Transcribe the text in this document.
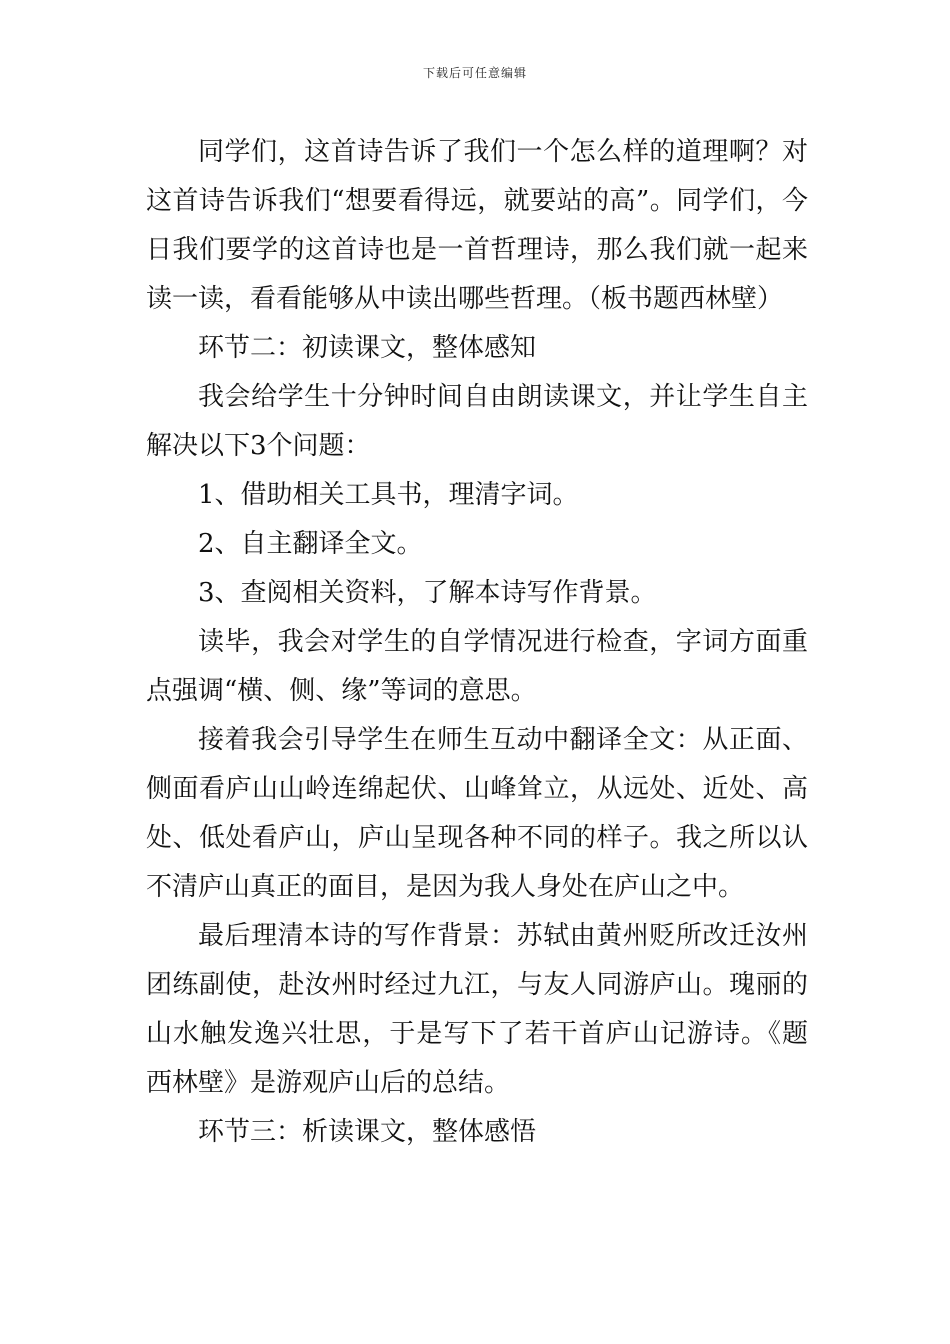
下载后可任意编辑

同学们，这首诗告诉了我们一个怎么样的道理啊？对这首诗告诉我们“想要看得远，就要站的高”。同学们，今日我们要学的这首诗也是一首哲理诗，那么我们就一起来读一读，看看能够从中读出哪些哲理。（板书题西林壁）

环节二：初读课文，整体感知

我会给学生十分钟时间自由朗读课文，并让学生自主解决以下3个问题：

1、借助相关工具书，理清字词。

2、自主翻译全文。

3、查阅相关资料，了解本诗写作背景。

读毕，我会对学生的自学情况进行检查，字词方面重点强调“横、侧、缘”等词的意思。

接着我会引导学生在师生互动中翻译全文：从正面、侧面看庐山山岭连绵起伏、山峰耸立，从远处、近处、高处、低处看庐山，庐山呈现各种不同的样子。我之所以认不清庐山真正的面目，是因为我人身处在庐山之中。

最后理清本诗的写作背景：苏轼由黄州贬所改迁汝州团练副使，赴汝州时经过九江，与友人同游庐山。瑰丽的山水触发逸兴壮思，于是写下了若干首庐山记游诗。《题西林壁》是游观庐山后的总结。

环节三：析读课文，整体感悟
